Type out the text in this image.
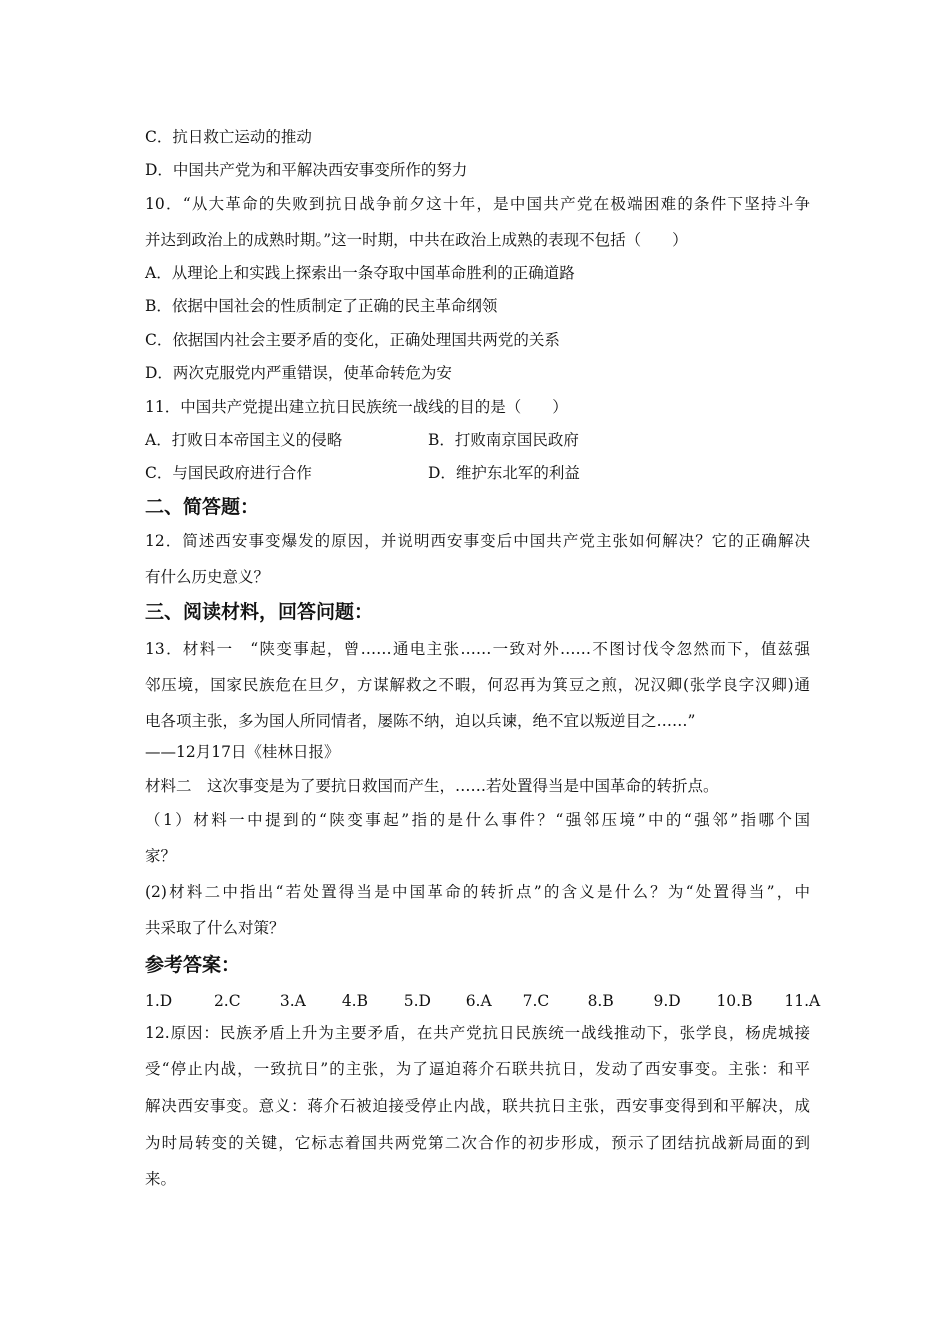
C．抗日救亡运动的推动
D．中国共产党为和平解决西安事变所作的努力
10．“从大革命的失败到抗日战争前夕这十年，是中国共产党在极端困难的条件下坚持斗争
并达到政治上的成熟时期。”这一时期，中共在政治上成熟的表现不包括（　　）
A．从理论上和实践上探索出一条夺取中国革命胜利的正确道路
B．依据中国社会的性质制定了正确的民主革命纲领
C．依据国内社会主要矛盾的变化，正确处理国共两党的关系
D．两次克服党内严重错误，使革命转危为安
11．中国共产党提出建立抗日民族统一战线的目的是（　　）
A．打败日本帝国主义的侵略	B．打败南京国民政府
C．与国民政府进行合作	D．维护东北军的利益
二、简答题：
12．简述西安事变爆发的原因，并说明西安事变后中国共产党主张如何解决？它的正确解决
有什么历史意义？
三、阅读材料，回答问题：
13．材料一　“陕变事起，曾……通电主张……一致对外……不图讨伐令忽然而下，值兹强
邻压境，国家民族危在旦夕，方谋解救之不暇，何忍再为箕豆之煎，况汉卿(张学良字汉卿)通
电各项主张，多为国人所同情者，屡陈不纳，迫以兵谏，绝不宜以叛逆目之……”
——12月17日《桂林日报》
材料二　这次事变是为了要抗日救国而产生，……若处置得当是中国革命的转折点。
（1）材料一中提到的“陕变事起”指的是什么事件？“强邻压境”中的“强邻”指哪个国
家？
(2)材料二中指出“若处置得当是中国革命的转折点”的含义是什么？为“处置得当”，中
共采取了什么对策？
参考答案：
1.D	2.C	3.A 4.B 5.D 6.A 7.C 8.B	9.D 10.B 11.A
12.原因：民族矛盾上升为主要矛盾，在共产党抗日民族统一战线推动下，张学良，杨虎城接
受“停止内战，一致抗日”的主张，为了逼迫蒋介石联共抗日，发动了西安事变。主张：和平
解决西安事变。意义：蒋介石被迫接受停止内战，联共抗日主张，西安事变得到和平解决，成
为时局转变的关键，它标志着国共两党第二次合作的初步形成，预示了团结抗战新局面的到
来。
